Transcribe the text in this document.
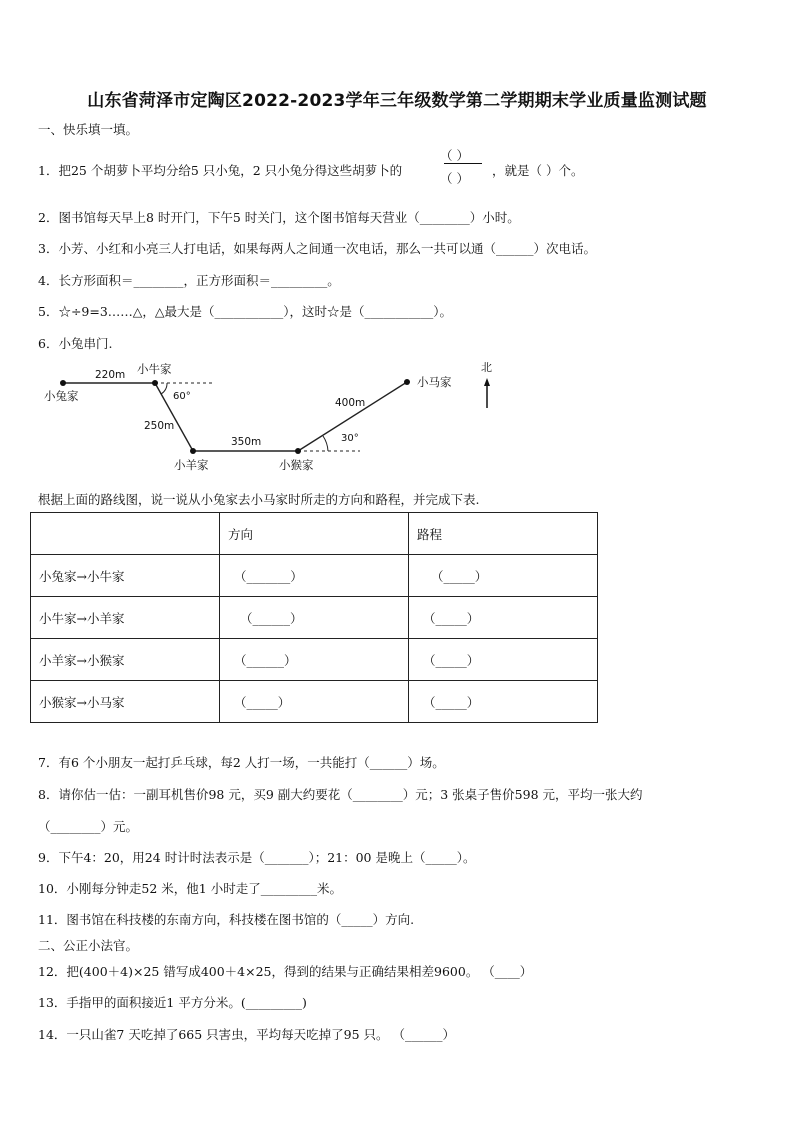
山东省菏泽市定陶区2022-2023学年三年级数学第二学期期末学业质量监测试题
一、快乐填一填。
1．把25 个胡萝卜平均分给5 只小兔，2 只小兔分得这些胡萝卜的
（ ）
（ ）
，就是（ ）个。
2．图书馆每天早上8 时开门，下午5 时关门，这个图书馆每天营业（________）小时。
3．小芳、小红和小亮三人打电话，如果每两人之间通一次电话，那么一共可以通（______）次电话。
4．长方形面积＝________，正方形面积＝_________。
5．☆÷9=3……△，△最大是（___________），这时☆是（___________）。
6．小兔串门.
小兔家
小牛家
小羊家	小猴家
小马家
北
220m
250m
350m
400m
60°
30°
根据上面的路线图，说一说从小兔家去小马家时所走的方向和路程，并完成下表.
	方向	路程
小兔家→小牛家	（_______）	（_____）
小牛家→小羊家	（______）	（_____）
小羊家→小猴家	（______）	（_____）
小猴家→小马家	（_____）	（_____）
7．有6 个小朋友一起打乒乓球，每2 人打一场，一共能打（______）场。
8．请你估一估：一副耳机售价98 元，买9 副大约要花（________）元；3 张桌子售价598 元，平均一张大约
（________）元。
9．下午4：20，用24 时计时法表示是（_______）；21：00 是晚上（_____）。
10．小刚每分钟走52 米，他1 小时走了_________米。
11．图书馆在科技楼的东南方向，科技楼在图书馆的（_____）方向.
二、公正小法官。
12．把(400＋4)×25 错写成400＋4×25，得到的结果与正确结果相差9600。 （____）
13．手指甲的面积接近1 平方分米。(_________)
14．一只山雀7 天吃掉了665 只害虫，平均每天吃掉了95 只。 （______）
